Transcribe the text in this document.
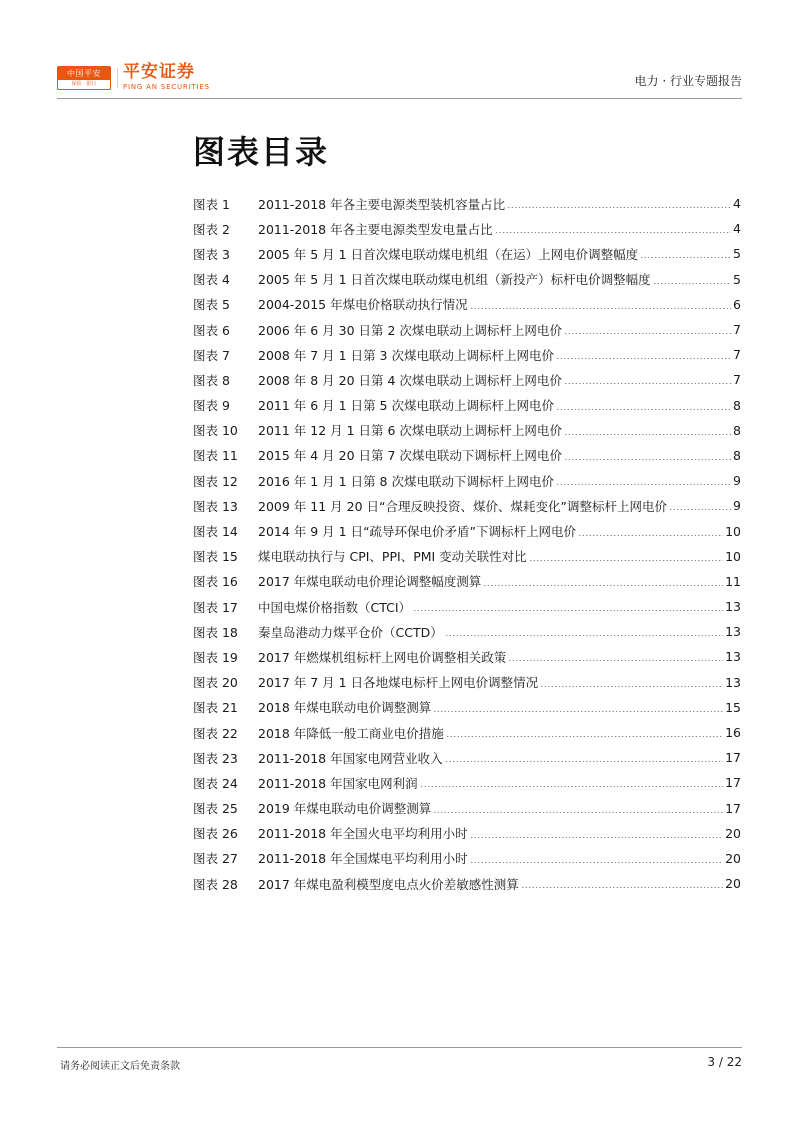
中国平安
保险 · 银行
平安证券
PING AN SECURITIES	电力 · 行业专题报告
图表目录
图表 1	2011-2018 年各主要电源类型装机容量占比	4
图表 2	2011-2018 年各主要电源类型发电量占比	4
图表 3	2005 年 5 月 1 日首次煤电联动煤电机组（在运）上网电价调整幅度	5
图表 4	2005 年 5 月 1 日首次煤电联动煤电机组（新投产）标杆电价调整幅度	5
图表 5	2004-2015 年煤电价格联动执行情况	6
图表 6	2006 年 6 月 30 日第 2 次煤电联动上调标杆上网电价	7
图表 7	2008 年 7 月 1 日第 3 次煤电联动上调标杆上网电价	7
图表 8	2008 年 8 月 20 日第 4 次煤电联动上调标杆上网电价	7
图表 9	2011 年 6 月 1 日第 5 次煤电联动上调标杆上网电价	8
图表 10	2011 年 12 月 1 日第 6 次煤电联动上调标杆上网电价	8
图表 11	2015 年 4 月 20 日第 7 次煤电联动下调标杆上网电价	8
图表 12	2016 年 1 月 1 日第 8 次煤电联动下调标杆上网电价	9
图表 13	2009 年 11 月 20 日“合理反映投资、煤价、煤耗变化”调整标杆上网电价	9
图表 14	2014 年 9 月 1 日“疏导环保电价矛盾”下调标杆上网电价	10
图表 15	煤电联动执行与 CPI、PPI、PMI 变动关联性对比	10
图表 16	2017 年煤电联动电价理论调整幅度测算	11
图表 17	中国电煤价格指数（CTCI）	13
图表 18	秦皇岛港动力煤平仓价（CCTD）	13
图表 19	2017 年燃煤机组标杆上网电价调整相关政策	13
图表 20	2017 年 7 月 1 日各地煤电标杆上网电价调整情况	13
图表 21	2018 年煤电联动电价调整测算	15
图表 22	2018 年降低一般工商业电价措施	16
图表 23	2011-2018 年国家电网营业收入	17
图表 24	2011-2018 年国家电网利润	17
图表 25	2019 年煤电联动电价调整测算	17
图表 26	2011-2018 年全国火电平均利用小时	20
图表 27	2011-2018 年全国煤电平均利用小时	20
图表 28	2017 年煤电盈利模型度电点火价差敏感性测算	20
请务必阅读正文后免责条款	3 / 22
